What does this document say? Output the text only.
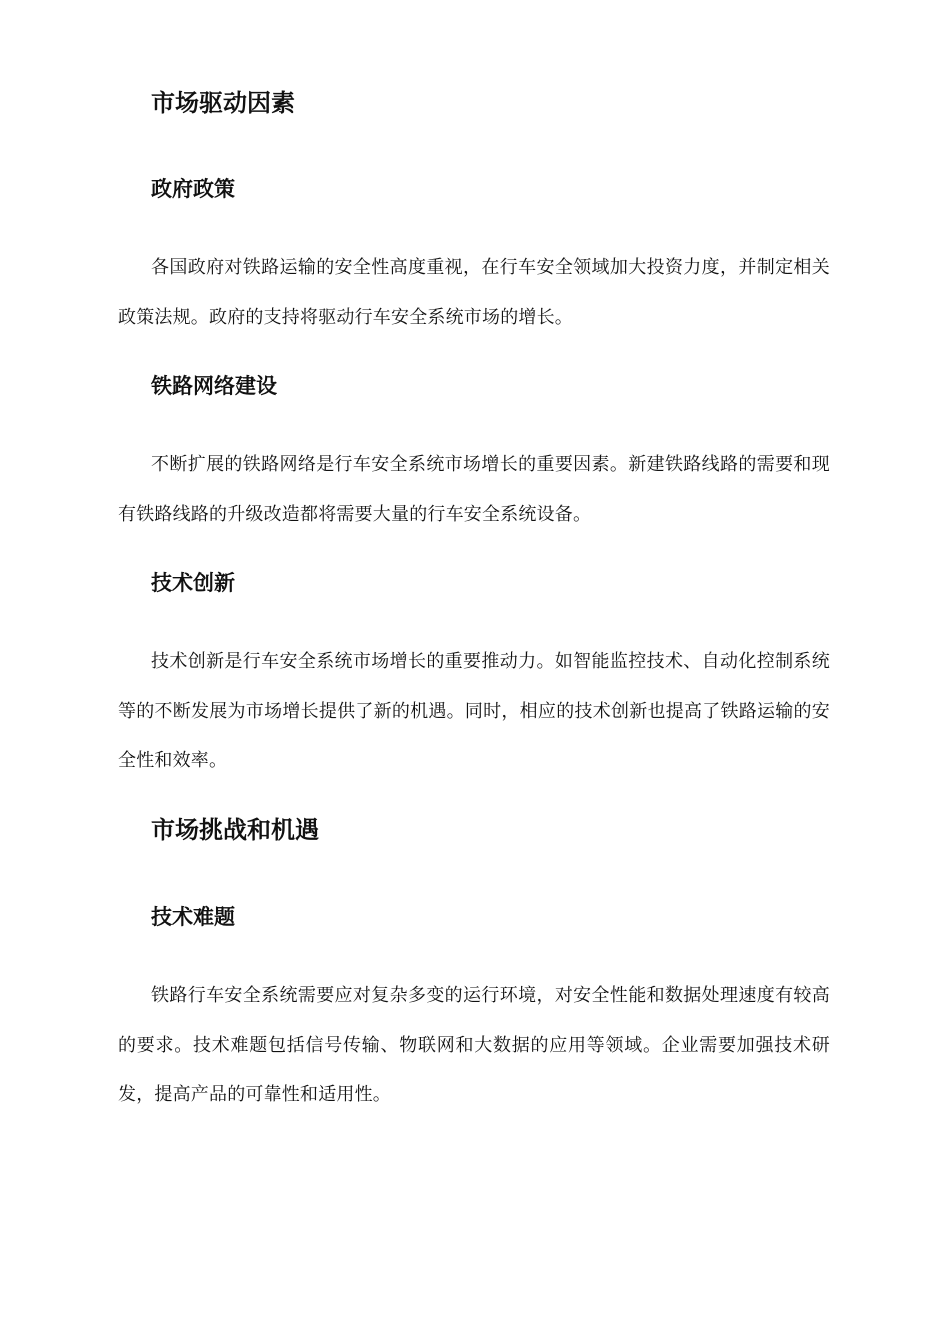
市场驱动因素
政府政策

各国政府对铁路运输的安全性高度重视，在行车安全领域加大投资力度，并制定相关政策法规。政府的支持将驱动行车安全系统市场的增长。

铁路网络建设

不断扩展的铁路网络是行车安全系统市场增长的重要因素。新建铁路线路的需要和现有铁路线路的升级改造都将需要大量的行车安全系统设备。

技术创新

技术创新是行车安全系统市场增长的重要推动力。如智能监控技术、自动化控制系统等的不断发展为市场增长提供了新的机遇。同时，相应的技术创新也提高了铁路运输的安全性和效率。

市场挑战和机遇
技术难题

铁路行车安全系统需要应对复杂多变的运行环境，对安全性能和数据处理速度有较高的要求。技术难题包括信号传输、物联网和大数据的应用等领域。企业需要加强技术研发，提高产品的可靠性和适用性。
